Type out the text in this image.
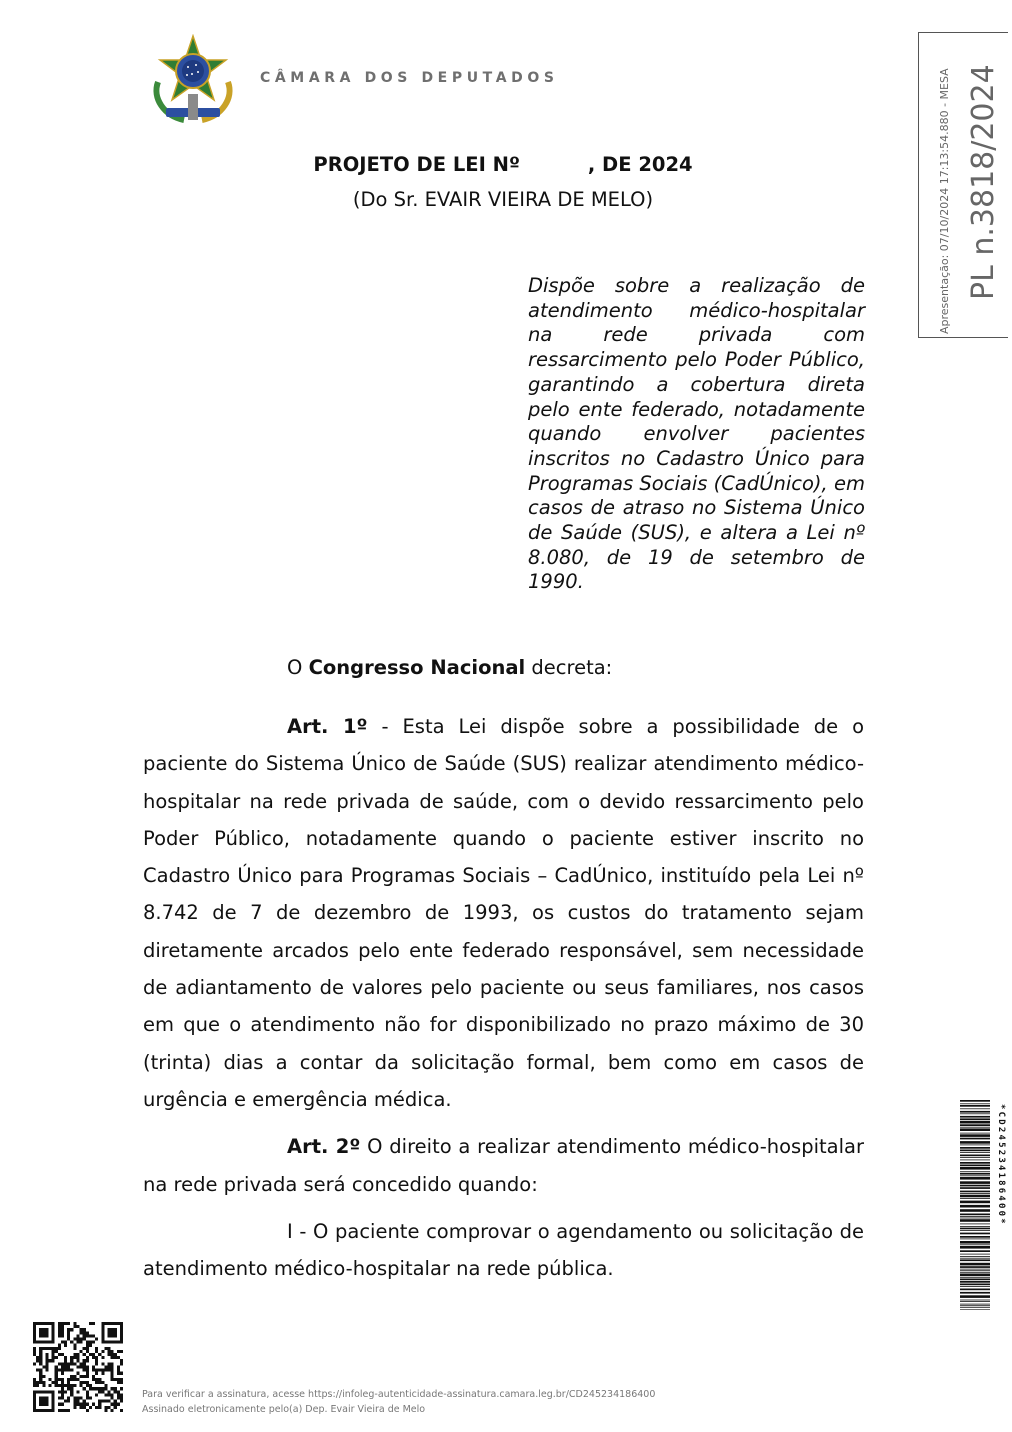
CÂMARA DOS DEPUTADOS
PROJETO DE LEI Nº          , DE 2024
(Do Sr. EVAIR VIEIRA DE MELO)
Dispõe sobre a realização de atendimento médico-hospitalar na rede privada com ressarcimento pelo Poder Público, garantindo a cobertura direta pelo ente federado, notadamente quando envolver pacientes inscritos no Cadastro Único para Programas Sociais (CadÚnico), em casos de atraso no Sistema Único de Saúde (SUS), e altera a Lei nº 8.080, de 19 de setembro de 1990.
O Congresso Nacional decreta:

Art. 1º - Esta Lei dispõe sobre a possibilidade de o paciente do Sistema Único de Saúde (SUS) realizar atendimento médico-hospitalar na rede privada de saúde, com o devido ressarcimento pelo Poder Público, notadamente quando o paciente estiver inscrito no Cadastro Único para Programas Sociais – CadÚnico, instituído pela Lei nº 8.742 de 7 de dezembro de 1993, os custos do tratamento sejam diretamente arcados pelo ente federado responsável, sem necessidade de adiantamento de valores pelo paciente ou seus familiares, nos casos em que o atendimento não for disponibilizado no prazo máximo de 30 (trinta) dias a contar da solicitação formal, bem como em casos de urgência e emergência médica.

Art. 2º O direito a realizar atendimento médico-hospitalar na rede privada será concedido quando:

I - O paciente comprovar o agendamento ou solicitação de atendimento médico-hospitalar na rede pública.

Apresentação: 07/10/2024 17:13:54.880 - MESA PL n.3818/2024
*CD245234186400*
Para verificar a assinatura, acesse https://infoleg-autenticidade-assinatura.camara.leg.br/CD245234186400
Assinado eletronicamente pelo(a) Dep. Evair Vieira de Melo
